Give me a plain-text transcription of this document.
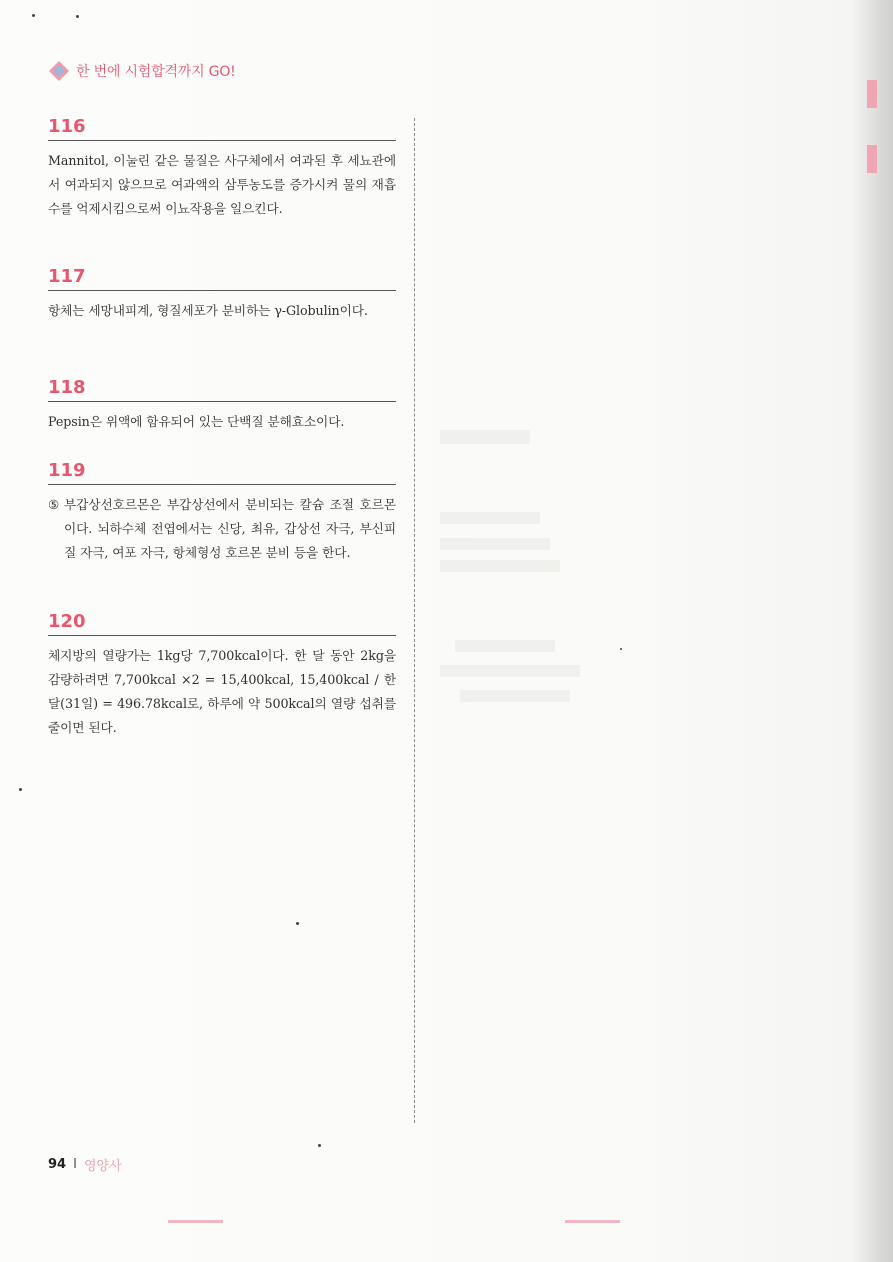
한 번에 시험합격까지 GO!
116
Mannitol, 이눌린 같은 물질은 사구체에서 여과된 후 세뇨관에서 여과되지 않으므로 여과액의 삼투농도를 증가시켜 물의 재흡수를 억제시킴으로써 이뇨작용을 일으킨다.
117
항체는 세망내피계, 형질세포가 분비하는 γ-Globulin이다.
118
Pepsin은 위액에 함유되어 있는 단백질 분해효소이다.
119
⑤ 부갑상선호르몬은 부갑상선에서 분비되는 칼슘 조절 호르몬이다. 뇌하수체 전엽에서는 신당, 최유, 갑상선 자극, 부신피질 자극, 여포 자극, 항체형성 호르몬 분비 등을 한다.
120
체지방의 열량가는 1kg당 7,700kcal이다. 한 달 동안 2kg을 감량하려면 7,700kcal ×2 = 15,400kcal, 15,400kcal / 한 달(31일) = 496.78kcal로, 하루에 약 500kcal의 열량 섭취를 줄이면 된다.
94 I 영양사
